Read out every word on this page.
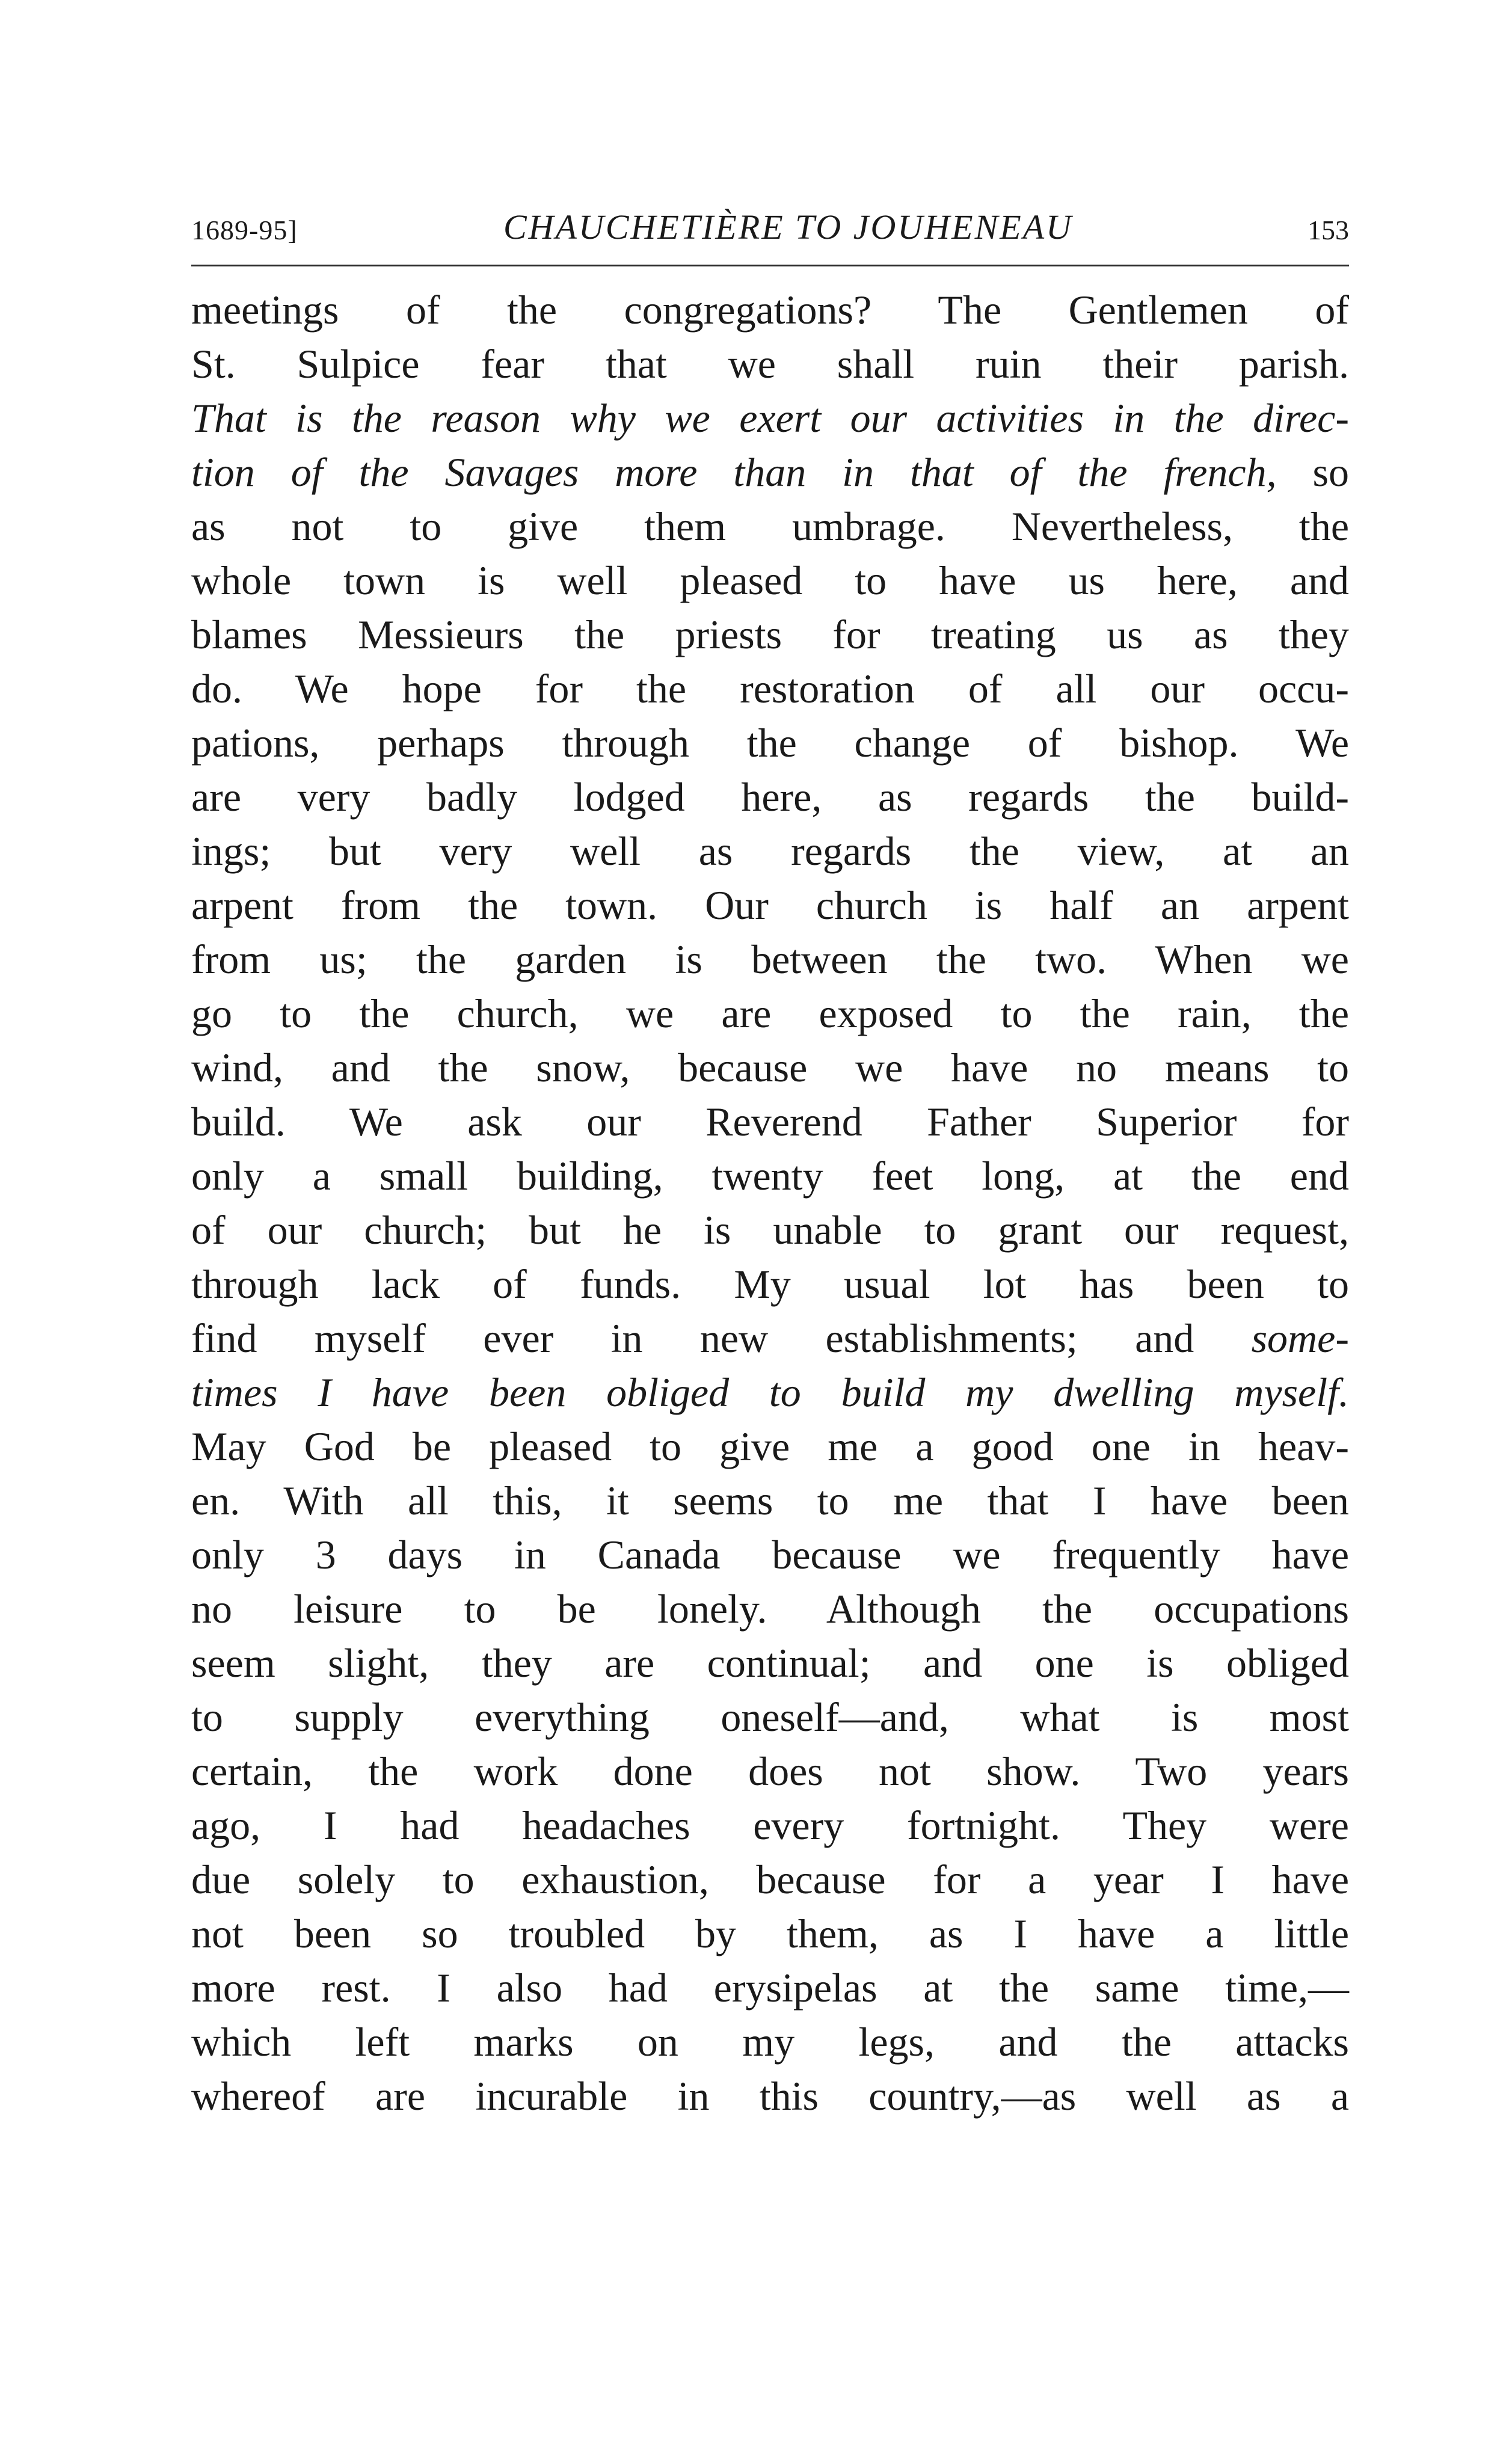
1689-95]	CHAUCHETIÈRE TO JOUHENEAU	153
meetings of the congregations? The Gentlemen of
St. Sulpice fear that we shall ruin their parish.
That is the reason why we exert our activities in the direc-
tion of the Savages more than in that of the french, so
as not to give them umbrage. Nevertheless, the
whole town is well pleased to have us here, and
blames Messieurs the priests for treating us as they
do. We hope for the restoration of all our occu-
pations, perhaps through the change of bishop. We
are very badly lodged here, as regards the build-
ings; but very well as regards the view, at an
arpent from the town. Our church is half an arpent
from us; the garden is between the two. When we
go to the church, we are exposed to the rain, the
wind, and the snow, because we have no means to
build. We ask our Reverend Father Superior for
only a small building, twenty feet long, at the end
of our church; but he is unable to grant our request,
through lack of funds. My usual lot has been to
find myself ever in new establishments; and some-
times I have been obliged to build my dwelling myself.
May God be pleased to give me a good one in heav-
en. With all this, it seems to me that I have been
only 3 days in Canada because we frequently have
no leisure to be lonely. Although the occupations
seem slight, they are continual; and one is obliged
to supply everything oneself—and, what is most
certain, the work done does not show. Two years
ago, I had headaches every fortnight. They were
due solely to exhaustion, because for a year I have
not been so troubled by them, as I have a little
more rest. I also had erysipelas at the same time,—
which left marks on my legs, and the attacks
whereof are incurable in this country,—as well as a
